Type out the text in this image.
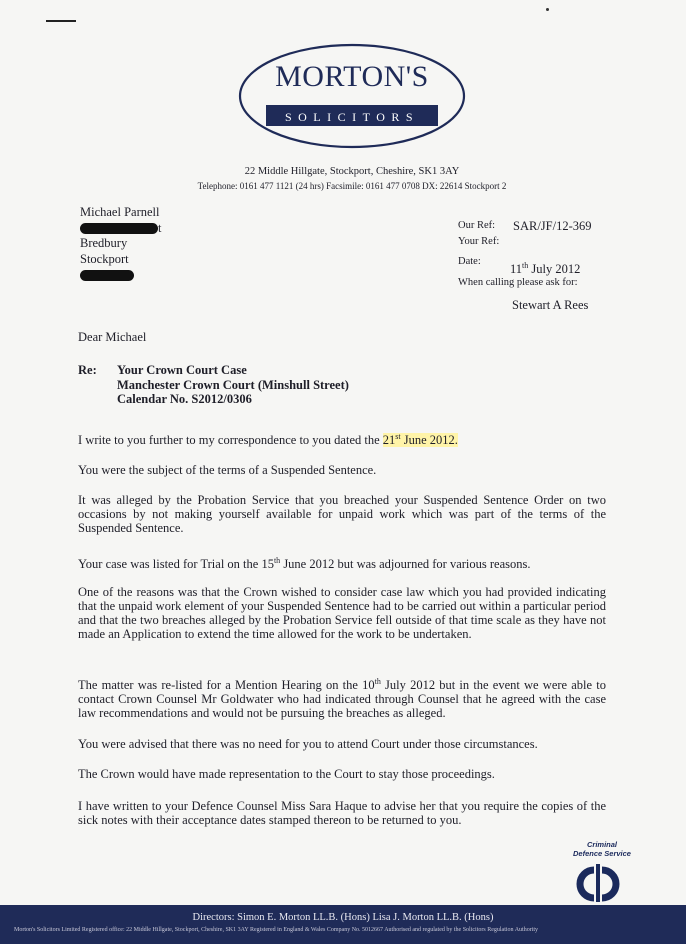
MORTON'S
SOLICITORS
22 Middle Hillgate, Stockport, Cheshire, SK1 3AY
Telephone: 0161 477 1121 (24 hrs) Facsimile: 0161 477 0708 DX: 22614 Stockport 2
Michael Parnell
t
Bredbury
Stockport
Our Ref: SAR/JF/12-369
Your Ref:
Date:
11th July 2012
When calling please ask for:
Stewart A Rees

Dear Michael

Re: Your Crown Court Case
Manchester Crown Court (Minshull Street)
Calendar No. S2012/0306

I write to you further to my correspondence to you dated the 21st June 2012.

You were the subject of the terms of a Suspended Sentence.

It was alleged by the Probation Service that you breached your Suspended Sentence Order on two occasions by not making yourself available for unpaid work which was part of the terms of the Suspended Sentence.

Your case was listed for Trial on the 15th June 2012 but was adjourned for various reasons.

One of the reasons was that the Crown wished to consider case law which you had provided indicating that the unpaid work element of your Suspended Sentence had to be carried out within a particular period and that the two breaches alleged by the Probation Service fell outside of that time scale as they have not made an Application to extend the time allowed for the work to be undertaken.

The matter was re-listed for a Mention Hearing on the 10th July 2012 but in the event we were able to contact Crown Counsel Mr Goldwater who had indicated through Counsel that he agreed with the case law recommendations and would not be pursuing the breaches as alleged.

You were advised that there was no need for you to attend Court under those circumstances.

The Crown would have made representation to the Court to stay those proceedings.

I have written to your Defence Counsel Miss Sara Haque to advise her that you require the copies of the sick notes with their acceptance dates stamped thereon to be returned to you.

Criminal
Defence Service
Directors: Simon E. Morton LL.B. (Hons) Lisa J. Morton LL.B. (Hons)
Morton's Solicitors Limited Registered office: 22 Middle Hillgate, Stockport, Cheshire, SK1 3AY Registered in England & Wales Company No. 5012667 Authorised and regulated by the Solicitors Regulation Authority
